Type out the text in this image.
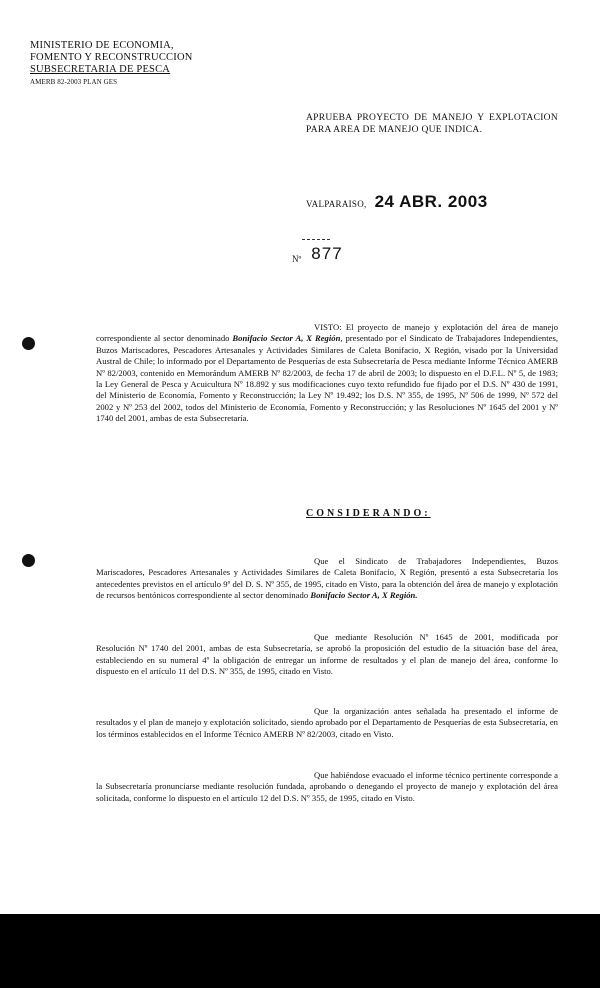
MINISTERIO DE ECONOMIA,
FOMENTO Y RECONSTRUCCION
SUBSECRETARIA DE PESCA
AMERB 82-2003 PLAN GES
APRUEBA PROYECTO DE MANEJO Y EXPLOTACION PARA AREA DE MANEJO QUE INDICA.
VALPARAISO, 24 ABR. 2003
Nº 877
VISTO: El proyecto de manejo y explotación del área de manejo correspondiente al sector denominado Bonifacio Sector A, X Región, presentado por el Sindicato de Trabajadores Independientes, Buzos Mariscadores, Pescadores Artesanales y Actividades Similares de Caleta Bonifacio, X Región, visado por la Universidad Austral de Chile; lo informado por el Departamento de Pesquerías de esta Subsecretaría de Pesca mediante Informe Técnico AMERB Nº 82/2003, contenido en Memorándum AMERB Nº 82/2003, de fecha 17 de abril de 2003; lo dispuesto en el D.F.L. Nº 5, de 1983; la Ley General de Pesca y Acuicultura Nº 18.892 y sus modificaciones cuyo texto refundido fue fijado por el D.S. Nº 430 de 1991, del Ministerio de Economía, Fomento y Reconstrucción; la Ley Nº 19.492; los D.S. Nº 355, de 1995, Nº 506 de 1999, Nº 572 del 2002 y Nº 253 del 2002, todos del Ministerio de Economía, Fomento y Reconstrucción; y las Resoluciones Nº 1645 del 2001 y Nº 1740 del 2001, ambas de esta Subsecretaría.
CONSIDERANDO:
Que el Sindicato de Trabajadores Independientes, Buzos Mariscadores, Pescadores Artesanales y Actividades Similares de Caleta Bonifacio, X Región, presentó a esta Subsecretaría los antecedentes previstos en el artículo 9º del D. S. Nº 355, de 1995, citado en Visto, para la obtención del área de manejo y explotación de recursos bentónicos correspondiente al sector denominado Bonifacio Sector A, X Región.
Que mediante Resolución Nº 1645 de 2001, modificada por Resolución Nº 1740 del 2001, ambas de esta Subsecretaría, se aprobó la proposición del estudio de la situación base del área, estableciendo en su numeral 4º la obligación de entregar un informe de resultados y el plan de manejo del área, conforme lo dispuesto en el artículo 11 del D.S. Nº 355, de 1995, citado en Visto.
Que la organización antes señalada ha presentado el informe de resultados y el plan de manejo y explotación solicitado, siendo aprobado por el Departamento de Pesquerías de esta Subsecretaría, en los términos establecidos en el Informe Técnico AMERB Nº 82/2003, citado en Visto.
Que habiéndose evacuado el informe técnico pertinente corresponde a la Subsecretaría pronunciarse mediante resolución fundada, aprobando o denegando el proyecto de manejo y explotación del área solicitada, conforme lo dispuesto en el artículo 12 del D.S. Nº 355, de 1995, citado en Visto.
